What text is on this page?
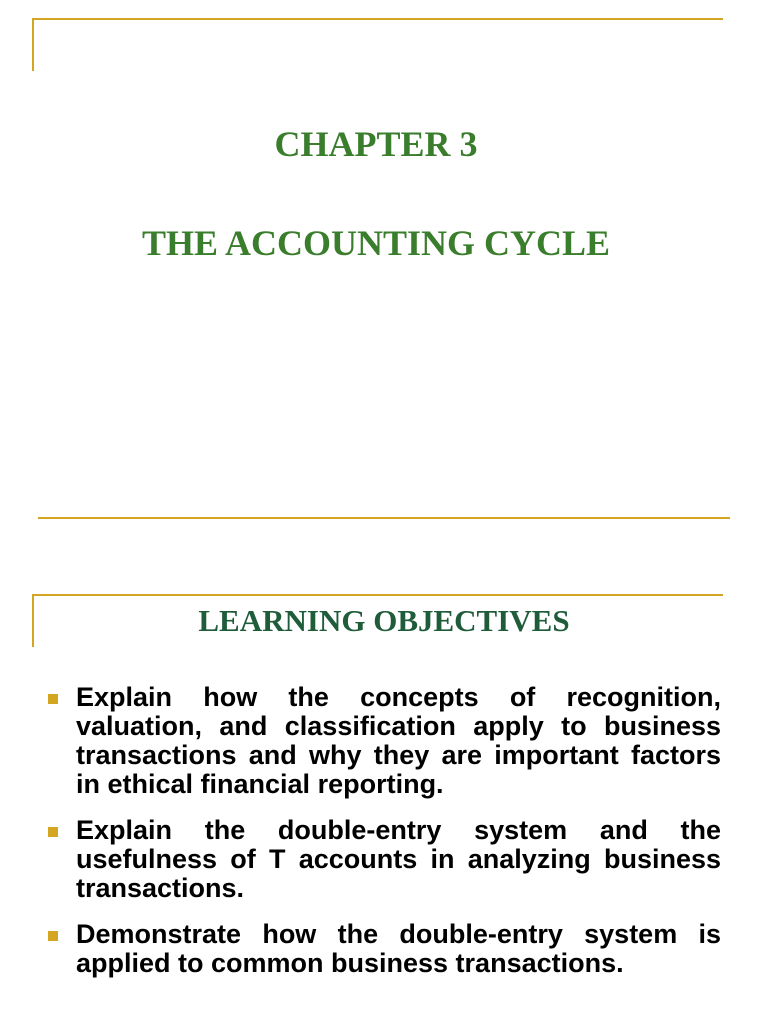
CHAPTER 3
THE ACCOUNTING CYCLE
LEARNING OBJECTIVES
Explain how the concepts of recognition, valuation, and classification apply to business transactions and why they are important factors in ethical financial reporting.
Explain the double-entry system and the usefulness of T accounts in analyzing business transactions.
Demonstrate how the double-entry system is applied to common business transactions.
